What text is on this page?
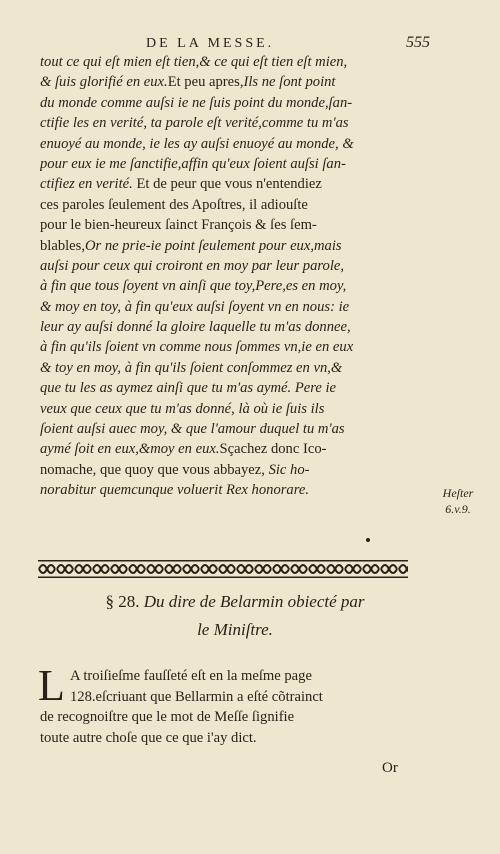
DE LA MESSE.	555
tout ce qui eſt mien eſt tien,& ce qui eſt tien eſt mien,
& ſuis glorifié en eux.Et peu apres,Ils ne ſont point
du monde comme auſsi ie ne ſuis point du monde,ſan-
ctifie les en verité, ta parole eſt verité,comme tu m'as
enuoyé au monde, ie les ay auſsi enuoyé au monde, &
pour eux ie me ſanctifie,affin qu'eux ſoient auſsi ſan-
ctifiez en verité. Et de peur que vous n'entendiez
ces paroles ſeulement des Apoſtres, il adiouſte
pour le bien-heureux ſainct François & ſes ſem-
blables,Or ne prie-ie point ſeulement pour eux,mais
auſsi pour ceux qui croiront en moy par leur parole,
à fin que tous ſoyent vn ainſi que toy,Pere,es en moy,
& moy en toy, à fin qu'eux auſsi ſoyent vn en nous: ie
leur ay auſsi donné la gloire laquelle tu m'as donnee,
à fin qu'ils ſoient vn comme nous ſommes vn,ie en eux
& toy en moy, à fin qu'ils ſoient conſommez en vn,&
que tu les as aymez ainſi que tu m'as aymé. Pere ie
veux que ceux que tu m'as donné, là où ie ſuis ils
ſoient auſsi auec moy, & que l'amour duquel tu m'as
aymé ſoit en eux,&moy en eux.Sçachez donc Ico-
nomache, que quoy que vous abbayez, Sic ho-
norabitur quemcunque voluerit Rex honorare.	Heſter
6.v.9.
§ 28. Du dire de Belarmin obiecté par
le Miniſtre.
L A troiſieſme fauſſeté eſt en la meſme page
128.eſcriuant que Bellarmin a eſté cõtrainct
de recognoiſtre que le mot de Meſſe ſignifie
toute autre choſe que ce que i'ay dict.
Or
